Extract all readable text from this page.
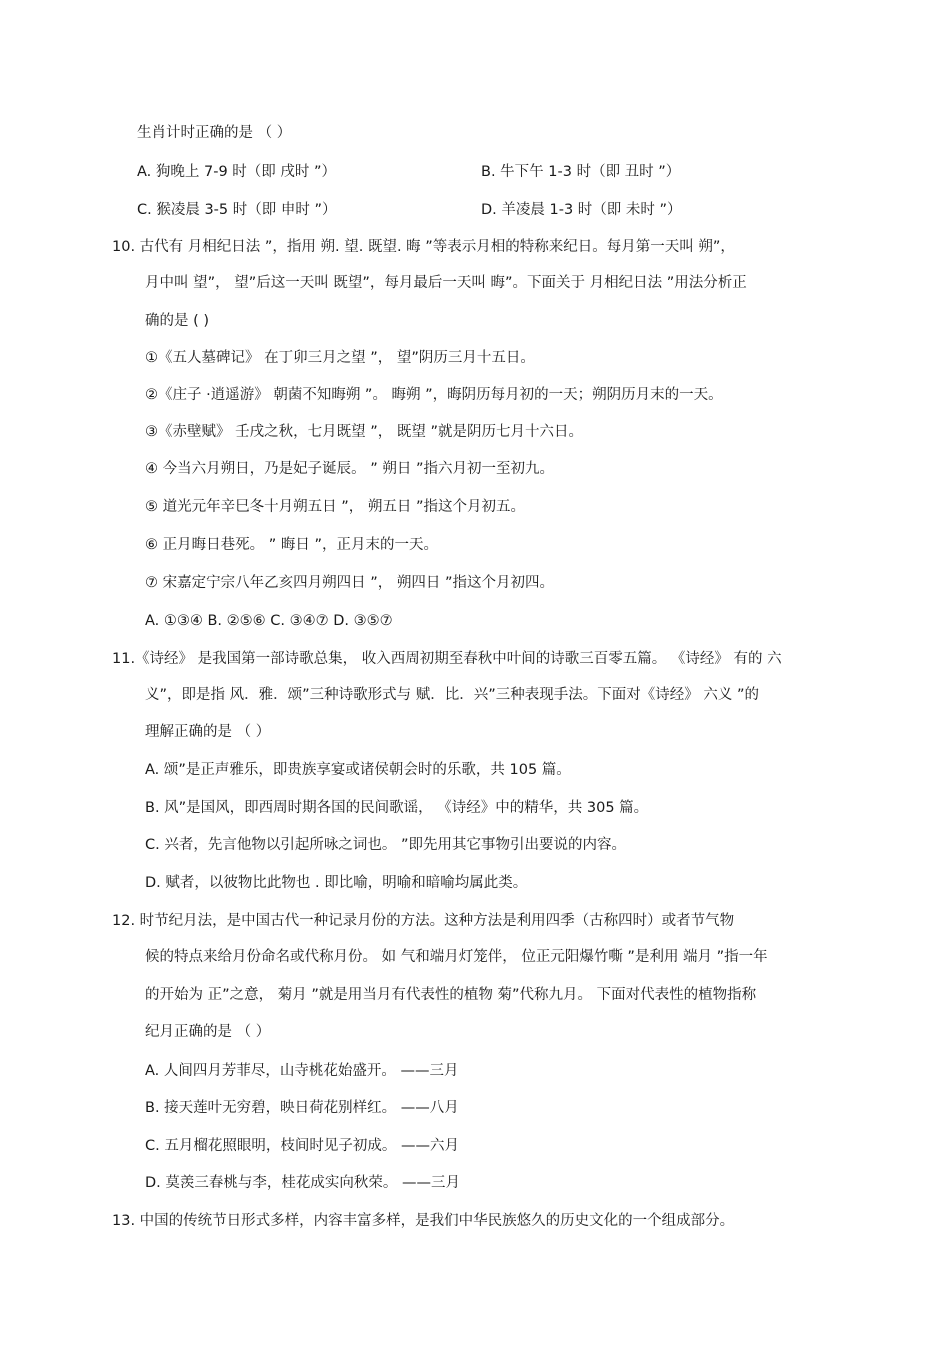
生肖计时正确的是 （ ）
A. 狗晚上 7-9 时（即 戌时 ”）	B. 牛下午 1-3 时（即 丑时 ”）
C. 猴凌晨 3-5 时（即 申时 ”）	D. 羊凌晨 1-3 时（即 未时 ”）
10. 古代有 月相纪日法 ”，指用 朔. 望. 既望. 晦 ”等表示月相的特称来纪日。每月第一天叫 朔”，
月中叫 望”， 望”后这一天叫 既望”，每月最后一天叫 晦”。下面关于 月相纪日法 ”用法分析正
确的是 ( )
①《五人墓碑记》 在丁卯三月之望 ”， 望”阴历三月十五日。
②《庄子 ·逍遥游》 朝菌不知晦朔 ”。 晦朔 ”，晦阴历每月初的一天；朔阴历月末的一天。
③《赤壁赋》 壬戌之秋，七月既望 ”， 既望 ”就是阴历七月十六日。
④ 今当六月朔日，乃是妃子诞辰。 ” 朔日 ”指六月初一至初九。
⑤ 道光元年辛巳冬十月朔五日 ”， 朔五日 ”指这个月初五。
⑥ 正月晦日巷死。 ” 晦日 ”，正月末的一天。
⑦ 宋嘉定宁宗八年乙亥四月朔四日 ”， 朔四日 ”指这个月初四。
A. ①③④ B. ②⑤⑥ C. ③④⑦ D. ③⑤⑦
11.《诗经》 是我国第一部诗歌总集， 收入西周初期至春秋中叶间的诗歌三百零五篇。 《诗经》 有的 六
义”，即是指 风．雅．颂”三种诗歌形式与 赋．比．兴”三种表现手法。下面对《诗经》 六义 ”的
理解正确的是 （ ）
A. 颂”是正声雅乐，即贵族享宴或诸侯朝会时的乐歌，共 105 篇。
B. 风”是国风，即西周时期各国的民间歌谣， 《诗经》中的精华，共 305 篇。
C. 兴者，先言他物以引起所咏之词也。 ”即先用其它事物引出要说的内容。
D. 赋者，以彼物比此物也 . 即比喻，明喻和暗喻均属此类。
12. 时节纪月法，是中国古代一种记录月份的方法。这种方法是利用四季（古称四时）或者节气物
候的特点来给月份命名或代称月份。 如 气和端月灯笼伴， 位正元阳爆竹嘶 ”是利用 端月 ”指一年
的开始为 正”之意， 菊月 ”就是用当月有代表性的植物 菊”代称九月。 下面对代表性的植物指称
纪月正确的是 （ ）
A. 人间四月芳菲尽，山寺桃花始盛开。 ——三月
B. 接天莲叶无穷碧，映日荷花别样红。 ——八月
C. 五月榴花照眼明，枝间时见子初成。 ——六月
D. 莫羡三春桃与李，桂花成实向秋荣。 ——三月
13. 中国的传统节日形式多样，内容丰富多样，是我们中华民族悠久的历史文化的一个组成部分。
